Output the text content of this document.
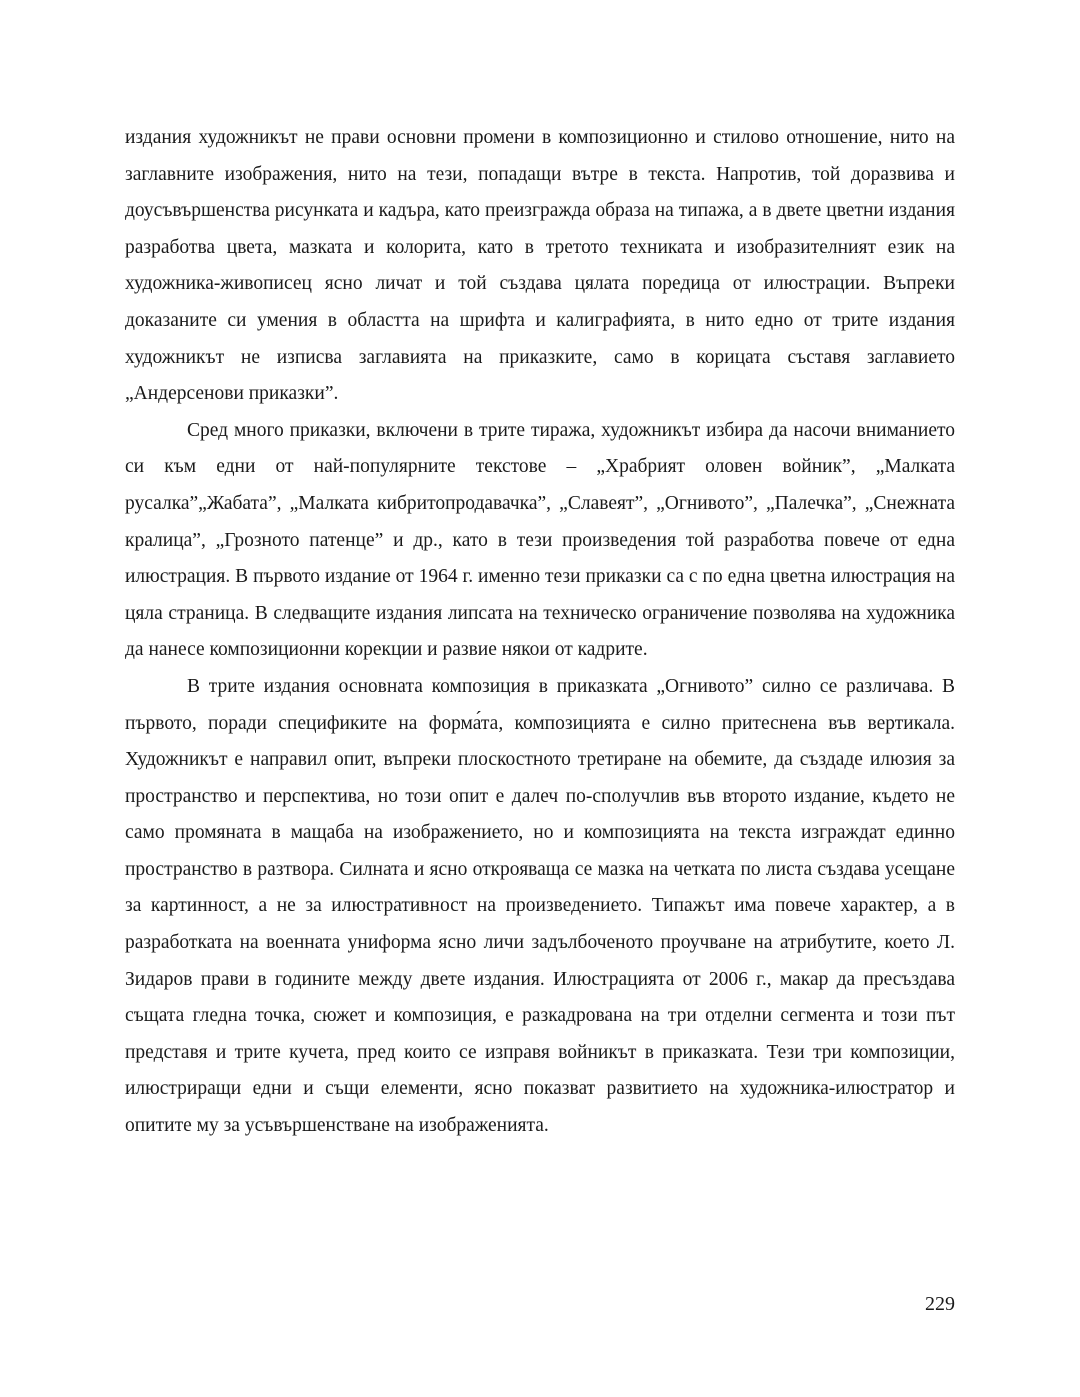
издания художникът не прави основни промени в композиционно и стилово отношение, нито на заглавните изображения, нито на тези, попадащи вътре в текста. Напротив, той доразвива и доусъвършенства рисунката и кадъра, като преизгражда образа на типажа, а в двете цветни издания разработва цвета, мазката и колорита, като в третото техниката и изобразителният език на художника-живописец ясно личат и той създава цялата поредица от илюстрации. Въпреки доказаните си умения в областта на шрифта и калиграфията, в нито едно от трите издания художникът не изписва заглавията на приказките, само в корицата съставя заглавието „Андерсенови приказки”.

Сред много приказки, включени в трите тиража, художникът избира да насочи вниманието си към едни от най-популярните текстове – „Храбрият оловен войник”, „Малката русалка”„Жабата”, „Малката кибритопродавачка”, „Славеят”, „Огнивото”, „Палечка”, „Снежната кралица”, „Грозното патенце” и др., като в тези произведения той разработва повече от една илюстрация. В първото издание от 1964 г. именно тези приказки са с по една цветна илюстрация на цяла страница. В следващите издания липсата на техническо ограничение позволява на художника да нанесе композиционни корекции и развие някои от кадрите.

В трите издания основната композиция в приказката „Огнивото” силно се различава. В първото, поради спецификите на форма́та, композицията е силно притеснена във вертикала. Художникът е направил опит, въпреки плоскостното третиране на обемите, да създаде илюзия за пространство и перспектива, но този опит е далеч по-сполучлив във второто издание, където не само промяната в мащаба на изображението, но и композицията на текста изграждат единно пространство в разтвора. Силната и ясно открояваща се мазка на четката по листа създава усещане за картинност, а не за илюстративност на произведението. Типажът има повече характер, а в разработката на военната униформа ясно личи задълбоченото проучване на атрибутите, което Л. Зидаров прави в годините между двете издания. Илюстрацията от 2006 г., макар да пресъздава същата гледна точка, сюжет и композиция, е разкадрована на три отделни сегмента и този път представя и трите кучета, пред които се изправя войникът в приказката. Тези три композиции, илюстриращи едни и същи елементи, ясно показват развитието на художника-илюстратор и опитите му за усъвършенстване на изображенията.

229
